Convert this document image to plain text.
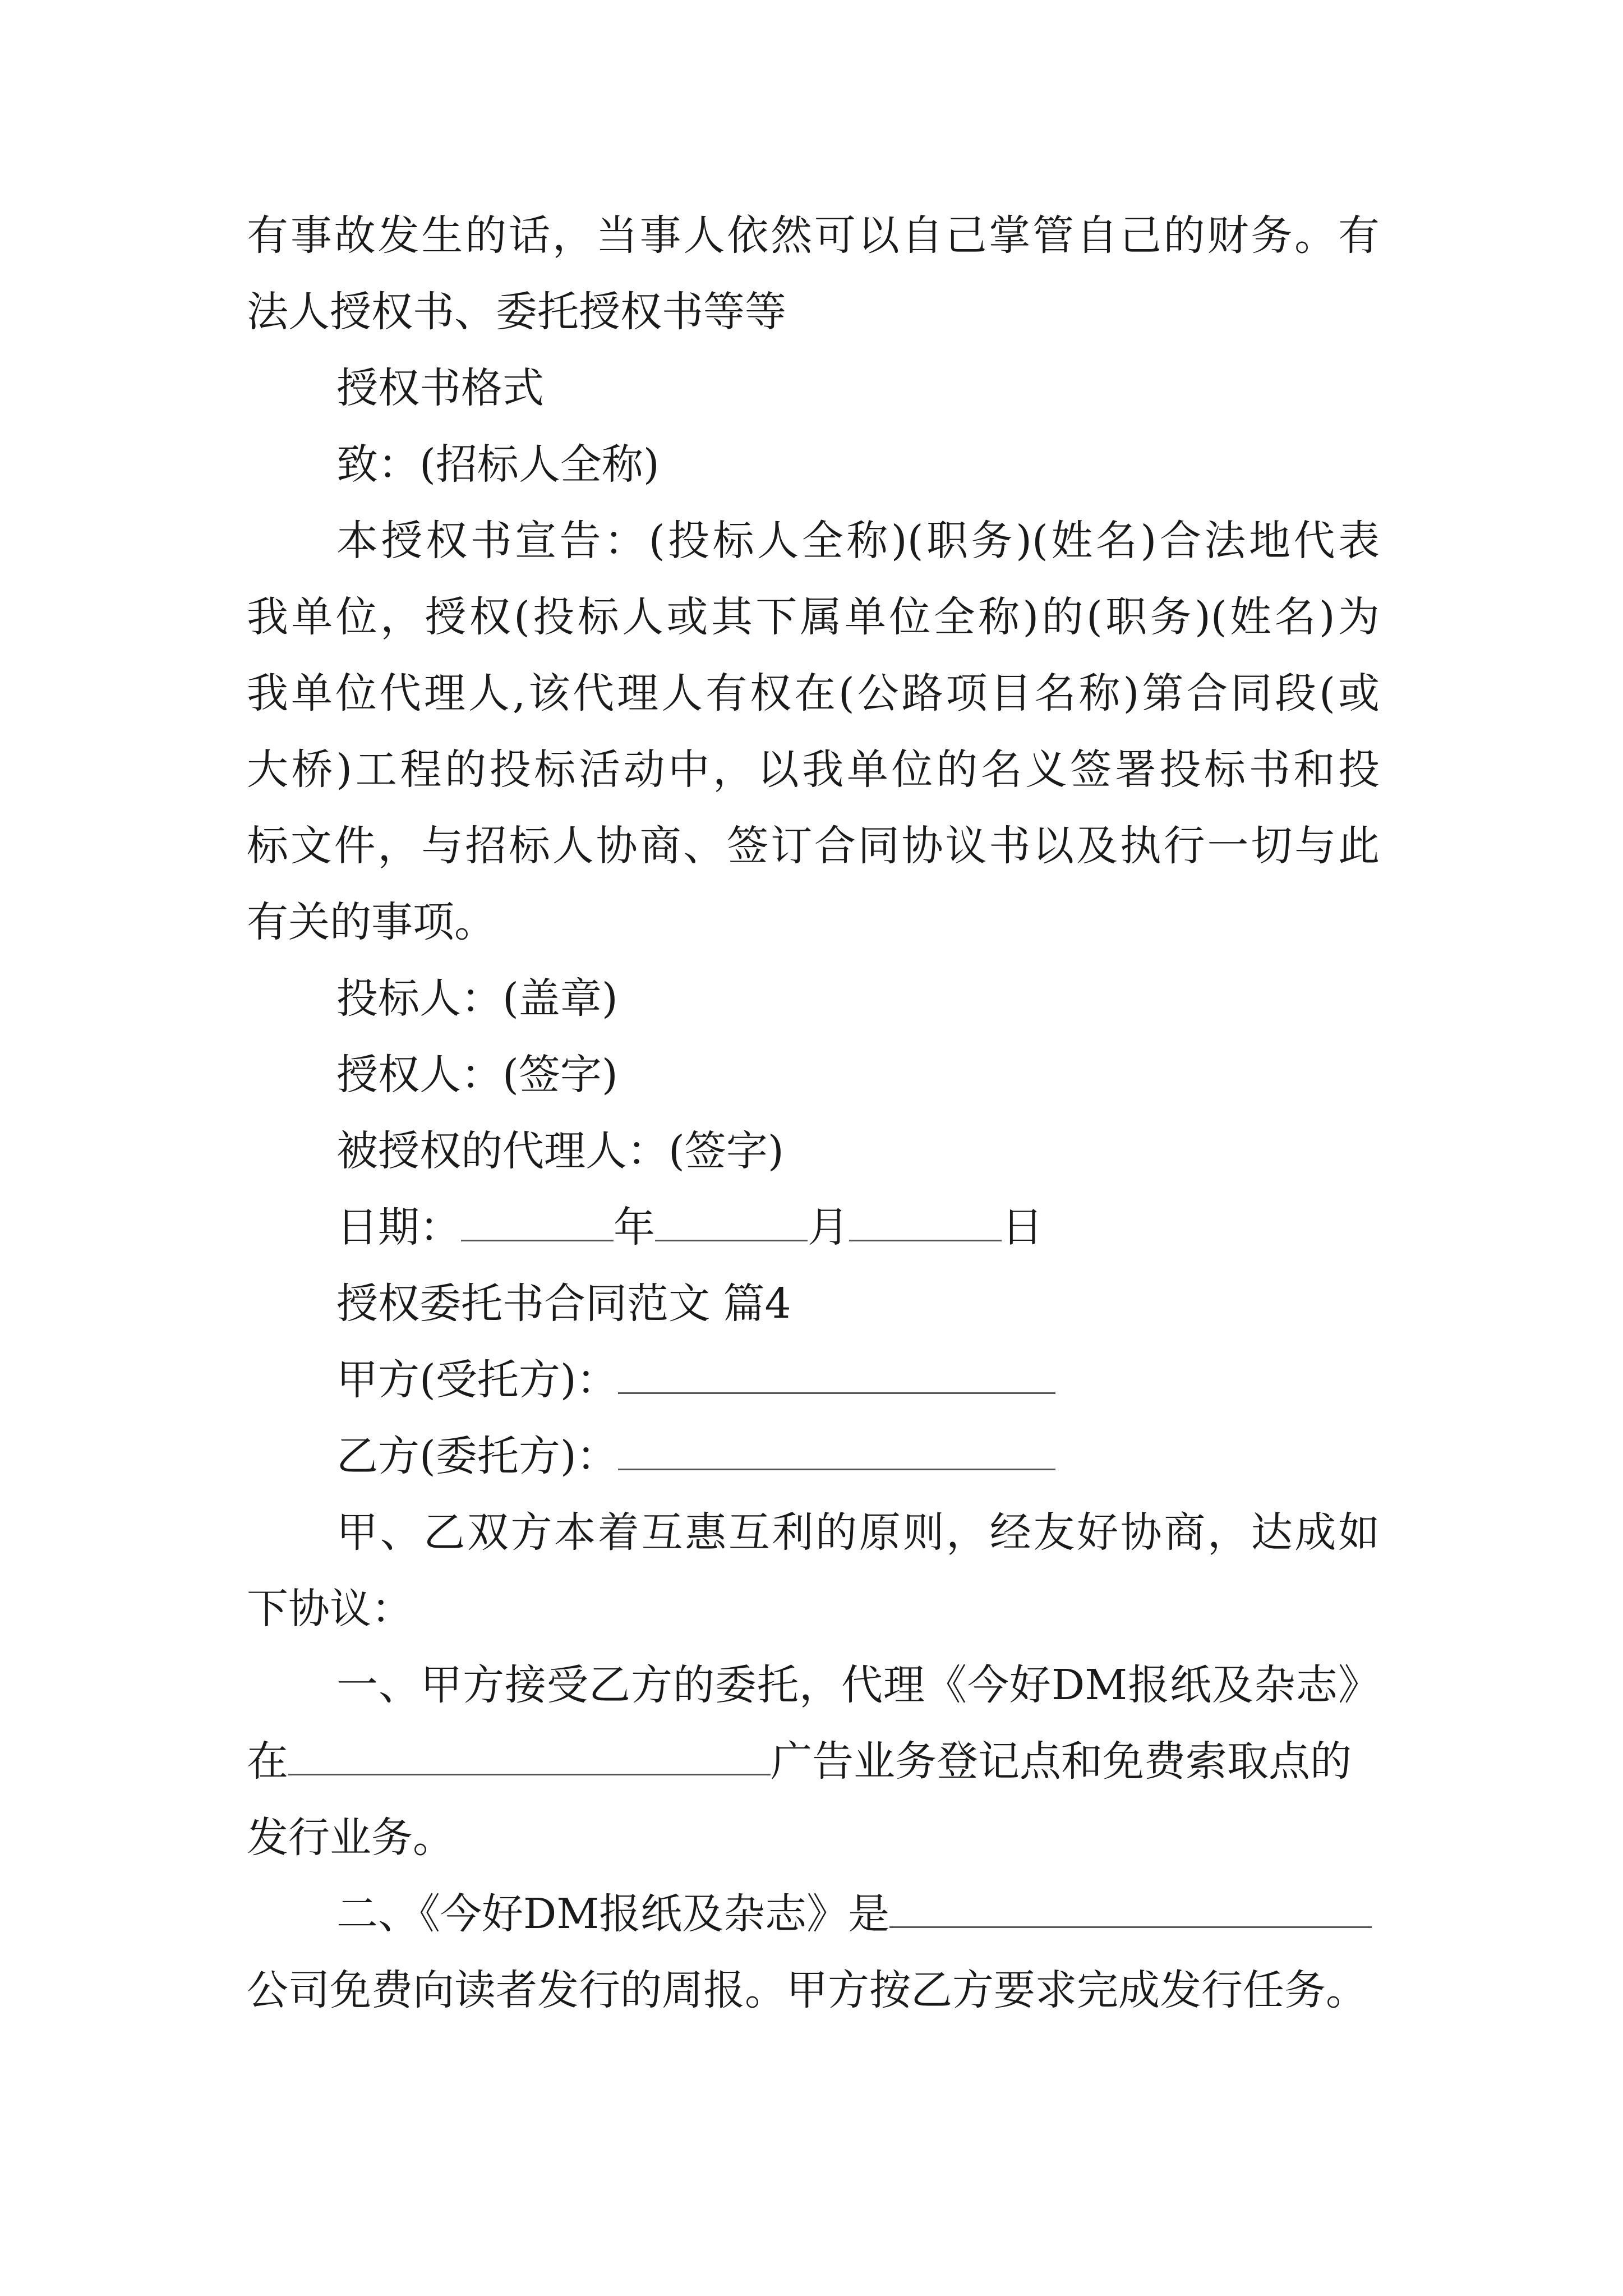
有事故发生的话，当事人依然可以自己掌管自己的财务。有
法人授权书、委托授权书等等
授权书格式
致：(招标人全称)
本授权书宣告：(投标人全称)(职务)(姓名)合法地代表
我单位，授权(投标人或其下属单位全称)的(职务)(姓名)为
我单位代理人,该代理人有权在(公路项目名称)第合同段(或
大桥)工程的投标活动中，以我单位的名义签署投标书和投
标文件，与招标人协商、签订合同协议书以及执行一切与此
有关的事项。
投标人：(盖章)
授权人：(签字)
被授权的代理人：(签字)
日期：	年	月	日
授权委托书合同范文 篇4
甲方(受托方)：
乙方(委托方)：
甲、乙双方本着互惠互利的原则，经友好协商，达成如
下协议：
一、甲方接受乙方的委托，代理《今好DM报纸及杂志》
在	广告业务登记点和免费索取点的
发行业务。
二、《今好DM报纸及杂志》是
公司免费向读者发行的周报。甲方按乙方要求完成发行任务。
